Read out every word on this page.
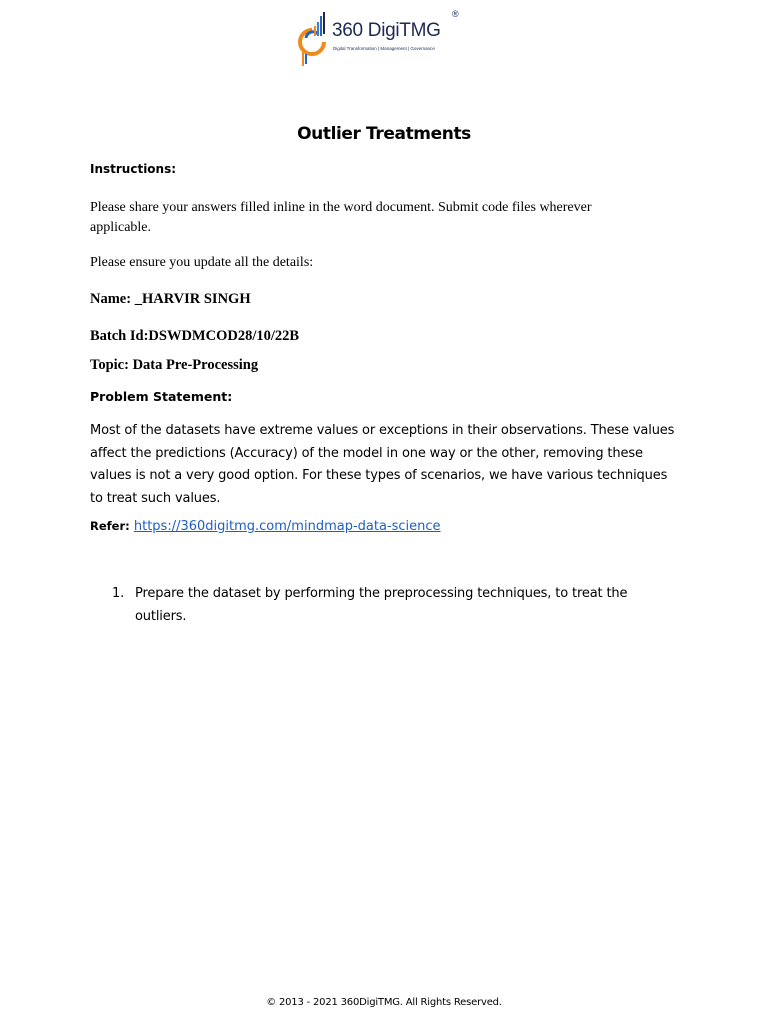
360 DigiTMG
®
Digital Transformation | Management | Governance
Outlier Treatments
Instructions:
Please share your answers filled inline in the word document. Submit code files wherever applicable.
Please ensure you update all the details:
Name: _HARVIR SINGH
Batch Id:DSWDMCOD28/10/22B
Topic: Data Pre-Processing
Problem Statement:
Most of the datasets have extreme values or exceptions in their observations. These values affect the predictions (Accuracy) of the model in one way or the other, removing these values is not a very good option. For these types of scenarios, we have various techniques to treat such values.
Refer: https://360digitmg.com/mindmap-data-science
1. Prepare the dataset by performing the preprocessing techniques, to treat the outliers.
© 2013 - 2021 360DigiTMG. All Rights Reserved.
